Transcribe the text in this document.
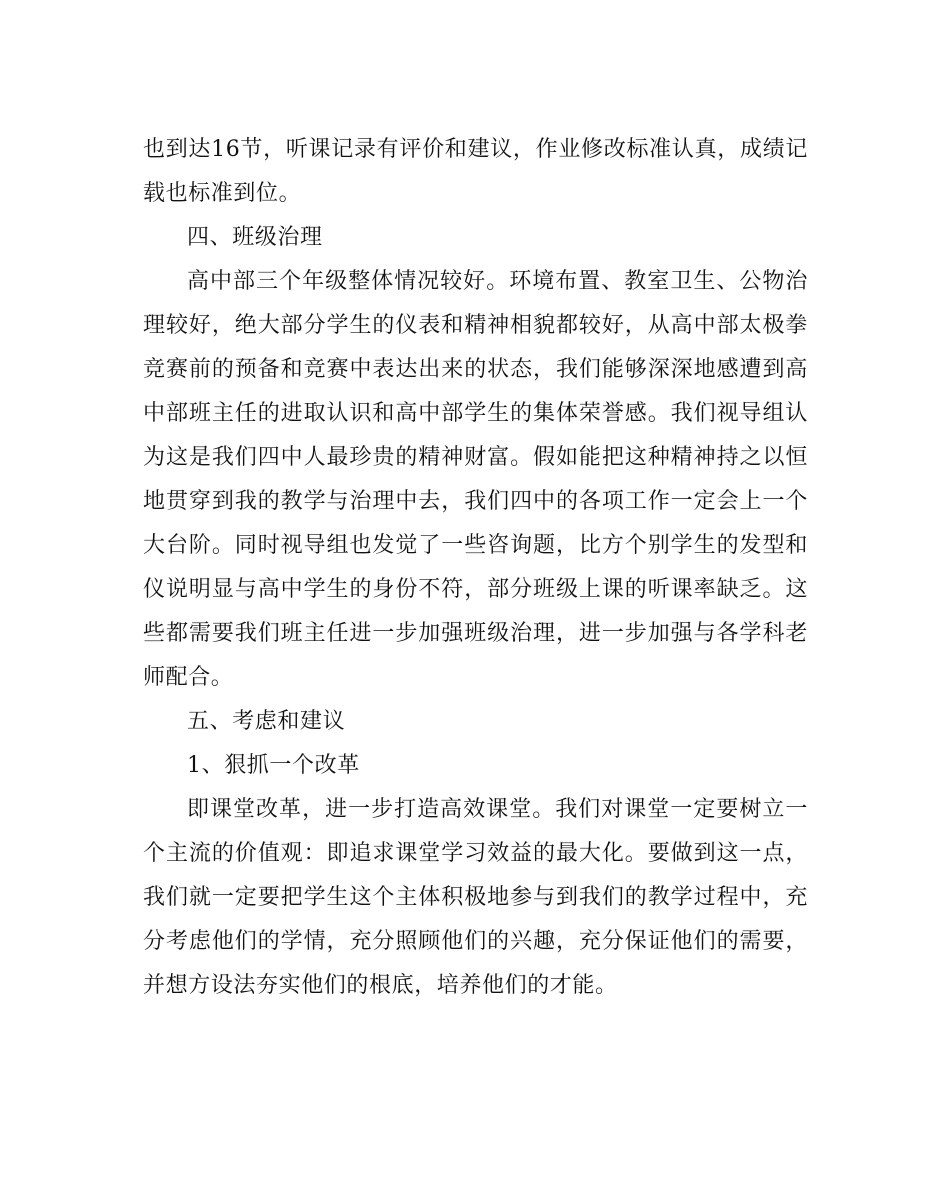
也到达16节，听课记录有评价和建议，作业修改标准认真，成绩记载也标准到位。

四、班级治理

高中部三个年级整体情况较好。环境布置、教室卫生、公物治理较好，绝大部分学生的仪表和精神相貌都较好，从高中部太极拳竞赛前的预备和竞赛中表达出来的状态，我们能够深深地感遭到高中部班主任的进取认识和高中部学生的集体荣誉感。我们视导组认为这是我们四中人最珍贵的精神财富。假如能把这种精神持之以恒地贯穿到我的教学与治理中去，我们四中的各项工作一定会上一个大台阶。同时视导组也发觉了一些咨询题，比方个别学生的发型和仪说明显与高中学生的身份不符，部分班级上课的听课率缺乏。这些都需要我们班主任进一步加强班级治理，进一步加强与各学科老师配合。

五、考虑和建议

1、狠抓一个改革

即课堂改革，进一步打造高效课堂。我们对课堂一定要树立一个主流的价值观：即追求课堂学习效益的最大化。要做到这一点，我们就一定要把学生这个主体积极地参与到我们的教学过程中，充分考虑他们的学情，充分照顾他们的兴趣，充分保证他们的需要，并想方设法夯实他们的根底，培养他们的才能。
